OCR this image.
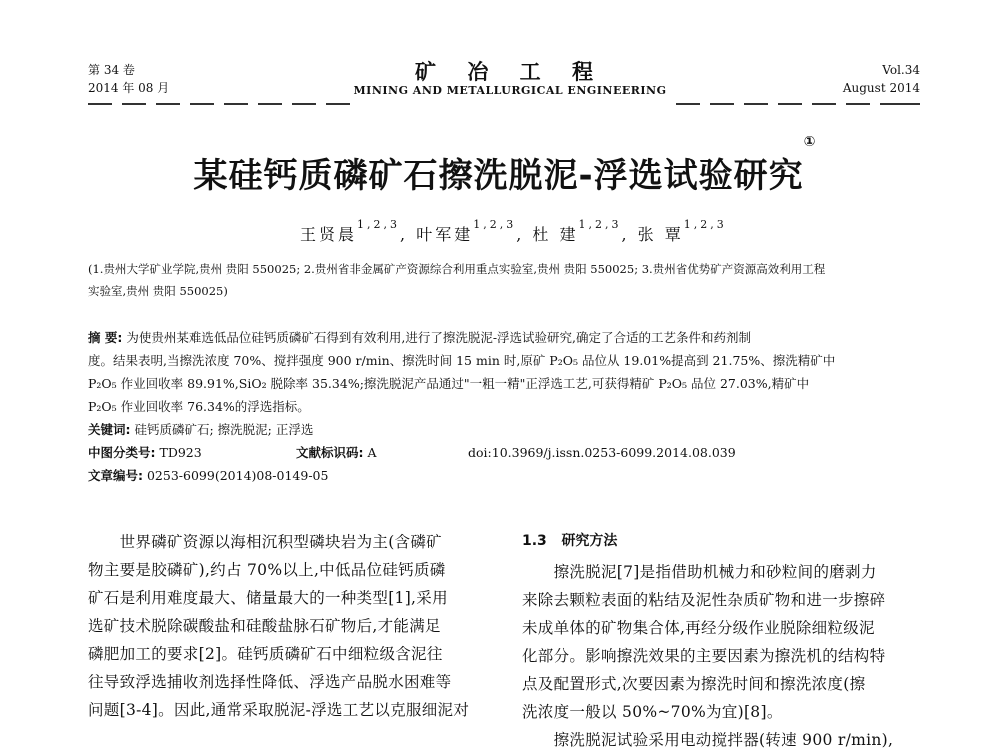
第 34 卷
2014 年 08 月
矿 冶 工 程
MINING AND METALLURGICAL ENGINEERING
Vol.34
August 2014
某硅钙质磷矿石擦洗脱泥-浮选试验研究①
王贤晨$^{1,2,3}$, 叶军建$^{1,2,3}$, 杜 建$^{1,2,3}$, 张 覃$^{1,2,3}$
(1.贵州大学矿业学院,贵州 贵阳 550025; 2.贵州省非金属矿产资源综合利用重点实验室,贵州 贵阳 550025; 3.贵州省优势矿产资源高效利用工程
实验室,贵州 贵阳 550025)
摘 要: 为使贵州某难选低品位硅钙质磷矿石得到有效利用,进行了擦洗脱泥-浮选试验研究,确定了合适的工艺条件和药剂制
度。结果表明,当擦洗浓度 70%、搅拌强度 900 r/min、擦洗时间 15 min 时,原矿 P₂O₅ 品位从 19.01%提高到 21.75%、擦洗精矿中
P₂O₅ 作业回收率 89.91%,SiO₂ 脱除率 35.34%;擦洗脱泥产品通过"一粗一精"正浮选工艺,可获得精矿 P₂O₅ 品位 27.03%,精矿中
P₂O₅ 作业回收率 76.34%的浮选指标。
关键词: 硅钙质磷矿石; 擦洗脱泥; 正浮选
中图分类号: TD923	文献标识码: A	doi:10.3969/j.issn.0253-6099.2014.08.039
文章编号: 0253-6099(2014)08-0149-05
　　世界磷矿资源以海相沉积型磷块岩为主(含磷矿
物主要是胶磷矿),约占 70%以上,中低品位硅钙质磷
矿石是利用难度最大、储量最大的一种类型[1],采用
选矿技术脱除碳酸盐和硅酸盐脉石矿物后,才能满足
磷肥加工的要求[2]。硅钙质磷矿石中细粒级含泥往
往导致浮选捕收剂选择性降低、浮选产品脱水困难等
问题[3-4]。因此,通常采取脱泥-浮选工艺以克服细泥对
1.3 研究方法
　　擦洗脱泥[7]是指借助机械力和砂粒间的磨剥力
来除去颗粒表面的粘结及泥性杂质矿物和进一步擦碎
未成单体的矿物集合体,再经分级作业脱除细粒级泥
化部分。影响擦洗效果的主要因素为擦洗机的结构特
点及配置形式,次要因素为擦洗时间和擦洗浓度(擦
洗浓度一般以 50%~70%为宜)[8]。
　　擦洗脱泥试验采用电动搅拌器(转速 900 r/min),
